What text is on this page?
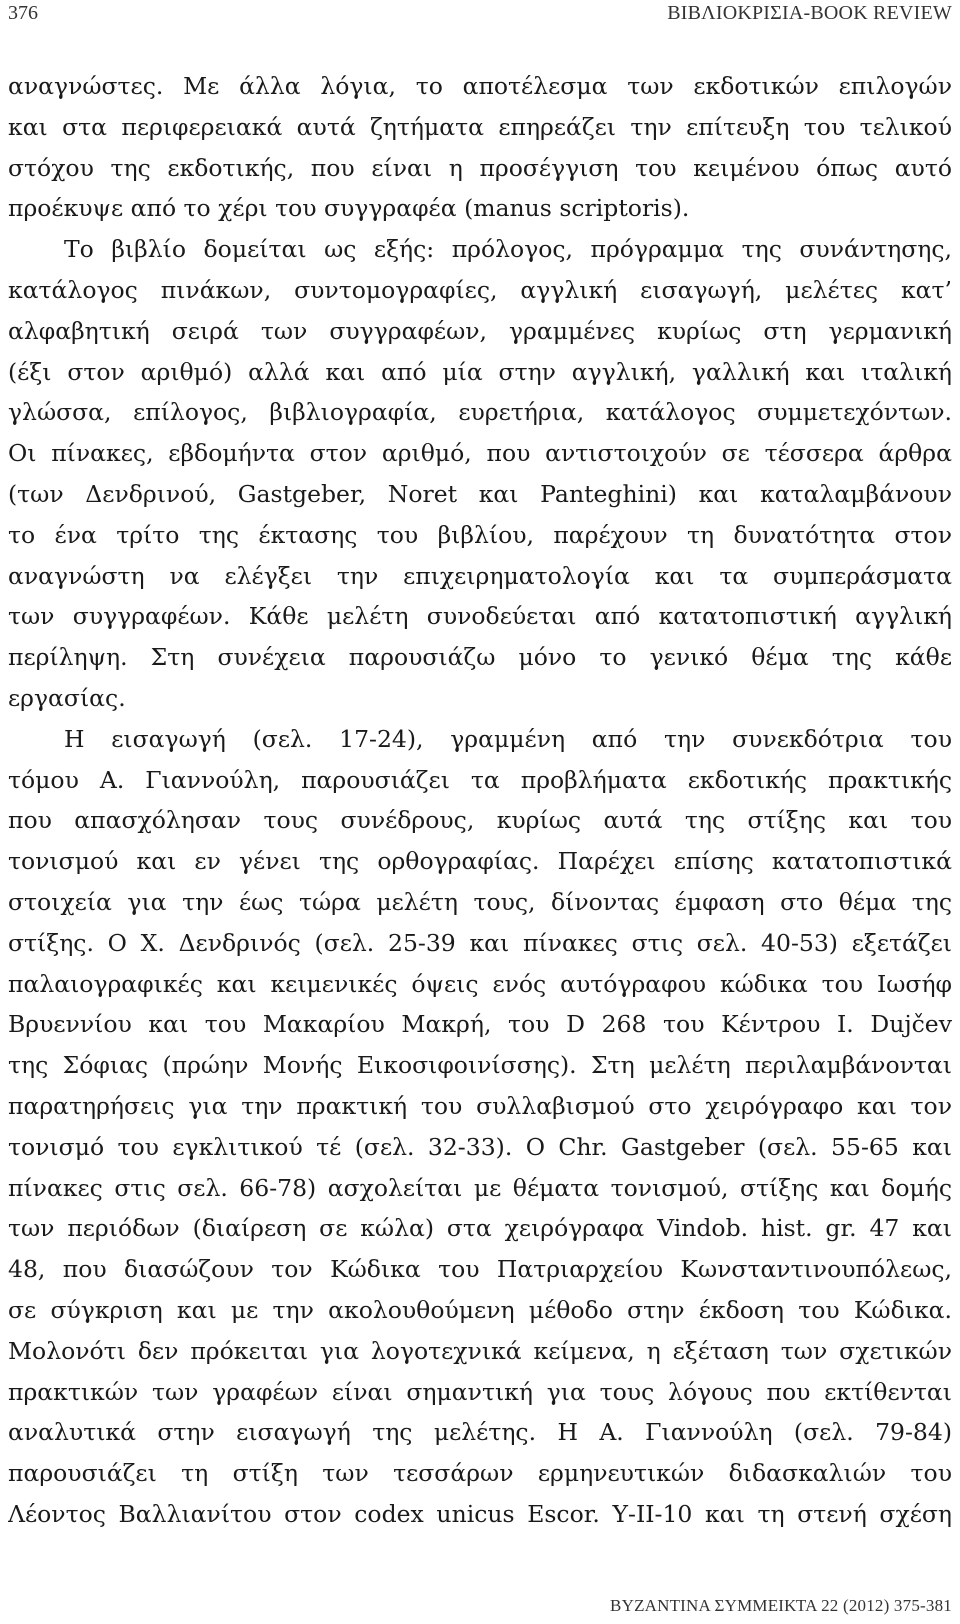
376	ΒΙΒΛΙΟΚΡΙΣΙΑ-BOOK REVIEW
αναγνώστες. Με άλλα λόγια, το αποτέλεσμα των εκδοτικών επιλογών
και στα περιφερειακά αυτά ζητήματα επηρεάζει την επίτευξη του τελικού
στόχου της εκδοτικής, που είναι η προσέγγιση του κειμένου όπως αυτό
προέκυψε από το χέρι του συγγραφέα (manus scriptoris).
Το βιβλίο δομείται ως εξής: πρόλογος, πρόγραμμα της συνάντησης,
κατάλογος πινάκων, συντομογραφίες, αγγλική εισαγωγή, μελέτες κατ’
αλφαβητική σειρά των συγγραφέων, γραμμένες κυρίως στη γερμανική
(έξι στον αριθμό) αλλά και από μία στην αγγλική, γαλλική και ιταλική
γλώσσα, επίλογος, βιβλιογραφία, ευρετήρια, κατάλογος συμμετεχόντων.
Οι πίνακες, εβδομήντα στον αριθμό, που αντιστοιχούν σε τέσσερα άρθρα
(των Δενδρινού, Gastgeber, Noret και Panteghini) και καταλαμβάνουν
το ένα τρίτο της έκτασης του βιβλίου, παρέχουν τη δυνατότητα στον
αναγνώστη να ελέγξει την επιχειρηματολογία και τα συμπεράσματα
των συγγραφέων. Κάθε μελέτη συνοδεύεται από κατατοπιστική αγγλική
περίληψη. Στη συνέχεια παρουσιάζω μόνο το γενικό θέμα της κάθε
εργασίας.
Η εισαγωγή (σελ. 17-24), γραμμένη από την συνεκδότρια του
τόμου Α. Γιαννούλη, παρουσιάζει τα προβλήματα εκδοτικής πρακτικής
που απασχόλησαν τους συνέδρους, κυρίως αυτά της στίξης και του
τονισμού και εν γένει της ορθογραφίας. Παρέχει επίσης κατατοπιστικά
στοιχεία για την έως τώρα μελέτη τους, δίνοντας έμφαση στο θέμα της
στίξης. Ο Χ. Δενδρινός (σελ. 25-39 και πίνακες στις σελ. 40-53) εξετάζει
παλαιογραφικές και κειμενικές όψεις ενός αυτόγραφου κώδικα του Ιωσήφ
Βρυεννίου και του Μακαρίου Μακρή, του D 268 του Κέντρου I. Dujčev
της Σόφιας (πρώην Μονής Εικοσιφοινίσσης). Στη μελέτη περιλαμβάνονται
παρατηρήσεις για την πρακτική του συλλαβισμού στο χειρόγραφο και τον
τονισμό του εγκλιτικού τέ (σελ. 32-33). Ο Chr. Gastgeber (σελ. 55-65 και
πίνακες στις σελ. 66-78) ασχολείται με θέματα τονισμού, στίξης και δομής
των περιόδων (διαίρεση σε κώλα) στα χειρόγραφα Vindob. hist. gr. 47 και
48, που διασώζουν τον Κώδικα του Πατριαρχείου Κωνσταντινουπόλεως,
σε σύγκριση και με την ακολουθούμενη μέθοδο στην έκδοση του Κώδικα.
Μολονότι δεν πρόκειται για λογοτεχνικά κείμενα, η εξέταση των σχετικών
πρακτικών των γραφέων είναι σημαντική για τους λόγους που εκτίθενται
αναλυτικά στην εισαγωγή της μελέτης. Η Α. Γιαννούλη (σελ. 79-84)
παρουσιάζει τη στίξη των τεσσάρων ερμηνευτικών διδασκαλιών του
Λέοντος Βαλλιανίτου στον codex unicus Escor. Υ-II-10 και τη στενή σχέση
ΒΥΖΑΝΤΙΝΑ ΣΥΜΜΕΙΚΤΑ 22 (2012) 375-381
